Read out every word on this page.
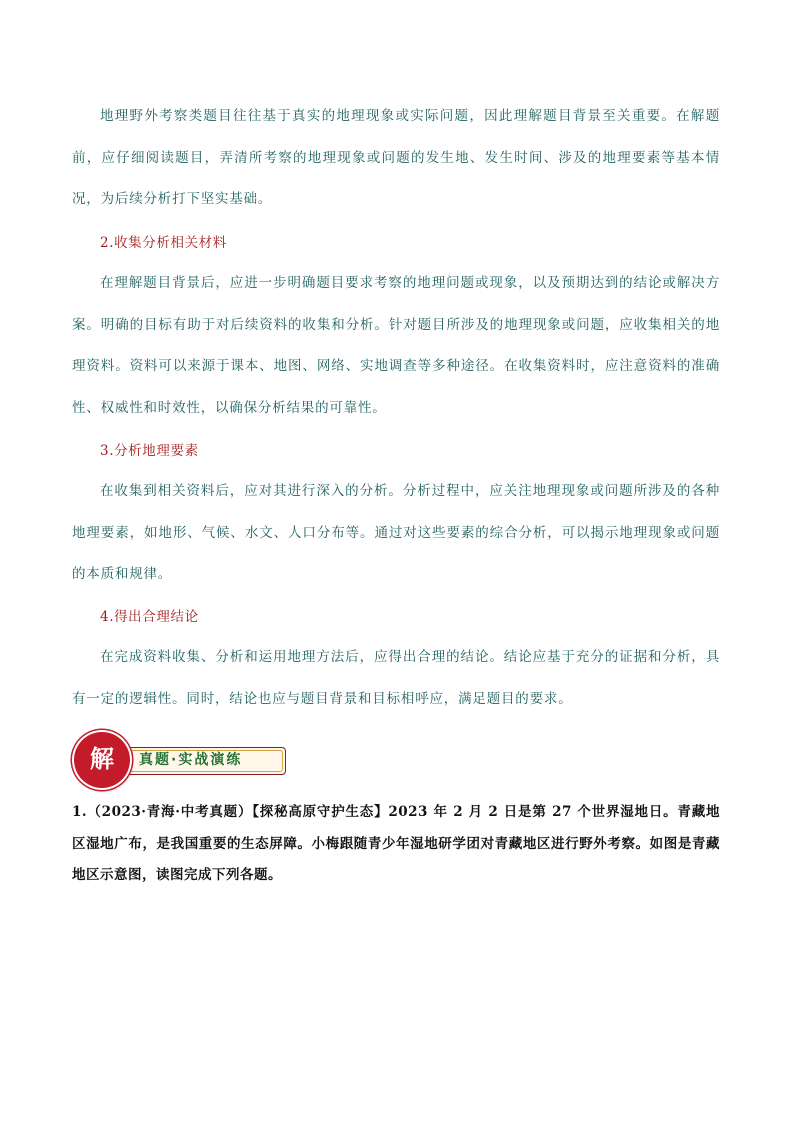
地理野外考察类题目往往基于真实的地理现象或实际问题，因此理解题目背景至关重要。在解题前，应仔细阅读题目，弄清所考察的地理现象或问题的发生地、发生时间、涉及的地理要素等基本情况，为后续分析打下坚实基础。

2.收集分析相关材料

在理解题目背景后，应进一步明确题目要求考察的地理问题或现象，以及预期达到的结论或解决方案。明确的目标有助于对后续资料的收集和分析。针对题目所涉及的地理现象或问题，应收集相关的地理资料。资料可以来源于课本、地图、网络、实地调查等多种途径。在收集资料时，应注意资料的准确性、权威性和时效性，以确保分析结果的可靠性。

3.分析地理要素

在收集到相关资料后，应对其进行深入的分析。分析过程中，应关注地理现象或问题所涉及的各种地理要素，如地形、气候、水文、人口分布等。通过对这些要素的综合分析，可以揭示地理现象或问题的本质和规律。

4.得出合理结论

在完成资料收集、分析和运用地理方法后，应得出合理的结论。结论应基于充分的证据和分析，具有一定的逻辑性。同时，结论也应与题目背景和目标相呼应，满足题目的要求。

真题·实战演练
解

1.（2023·青海·中考真题）【探秘高原守护生态】2023 年 2 月 2 日是第 27 个世界湿地日。青藏地区湿地广布，是我国重要的生态屏障。小梅跟随青少年湿地研学团对青藏地区进行野外考察。如图是青藏地区示意图，读图完成下列各题。
